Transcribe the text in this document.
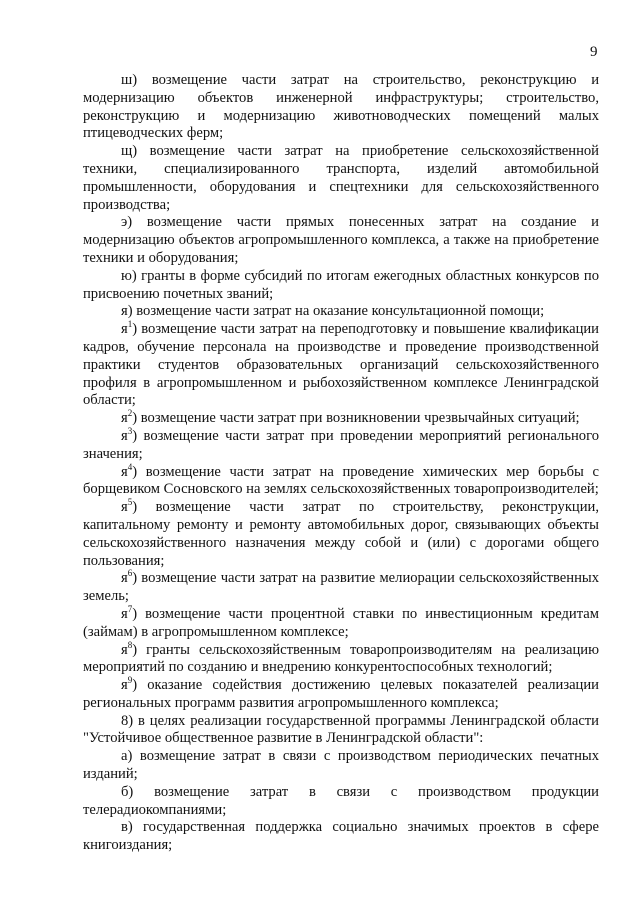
9

ш) возмещение части затрат на строительство, реконструкцию и модернизацию объектов инженерной инфраструктуры; строительство, реконструкцию и модернизацию животноводческих помещений малых птицеводческих ферм;

щ) возмещение части затрат на приобретение сельскохозяйственной техники, специализированного транспорта, изделий автомобильной промышленности, оборудования и спецтехники для сельскохозяйственного производства;

э) возмещение части прямых понесенных затрат на создание и модернизацию объектов агропромышленного комплекса, а также на приобретение техники и оборудования;

ю) гранты в форме субсидий по итогам ежегодных областных конкурсов по присвоению почетных званий;

я) возмещение части затрат на оказание консультационной помощи;

$я^1$) возмещение части затрат на переподготовку и повышение квалификации кадров, обучение персонала на производстве и проведение производственной практики студентов образовательных организаций сельскохозяйственного профиля в агропромышленном и рыбохозяйственном комплексе Ленинградской области;

$я^2$) возмещение части затрат при возникновении чрезвычайных ситуаций;

$я^3$) возмещение части затрат при проведении мероприятий регионального значения;

$я^4$) возмещение части затрат на проведение химических мер борьбы с борщевиком Сосновского на землях сельскохозяйственных товаропроизводителей;

$я^5$) возмещение части затрат по строительству, реконструкции, капитальному ремонту и ремонту автомобильных дорог, связывающих объекты сельскохозяйственного назначения между собой и (или) с дорогами общего пользования;

$я^6$) возмещение части затрат на развитие мелиорации сельскохозяйственных земель;

$я^7$) возмещение части процентной ставки по инвестиционным кредитам (займам) в агропромышленном комплексе;

$я^8$) гранты сельскохозяйственным товаропроизводителям на реализацию мероприятий по созданию и внедрению конкурентоспособных технологий;

$я^9$) оказание содействия достижению целевых показателей реализации региональных программ развития агропромышленного комплекса;

8) в целях реализации государственной программы Ленинградской области "Устойчивое общественное развитие в Ленинградской области":

а) возмещение затрат в связи с производством периодических печатных изданий;

б) возмещение затрат в связи с производством продукции телерадиокомпаниями;

в) государственная поддержка социально значимых проектов в сфере книгоиздания;
